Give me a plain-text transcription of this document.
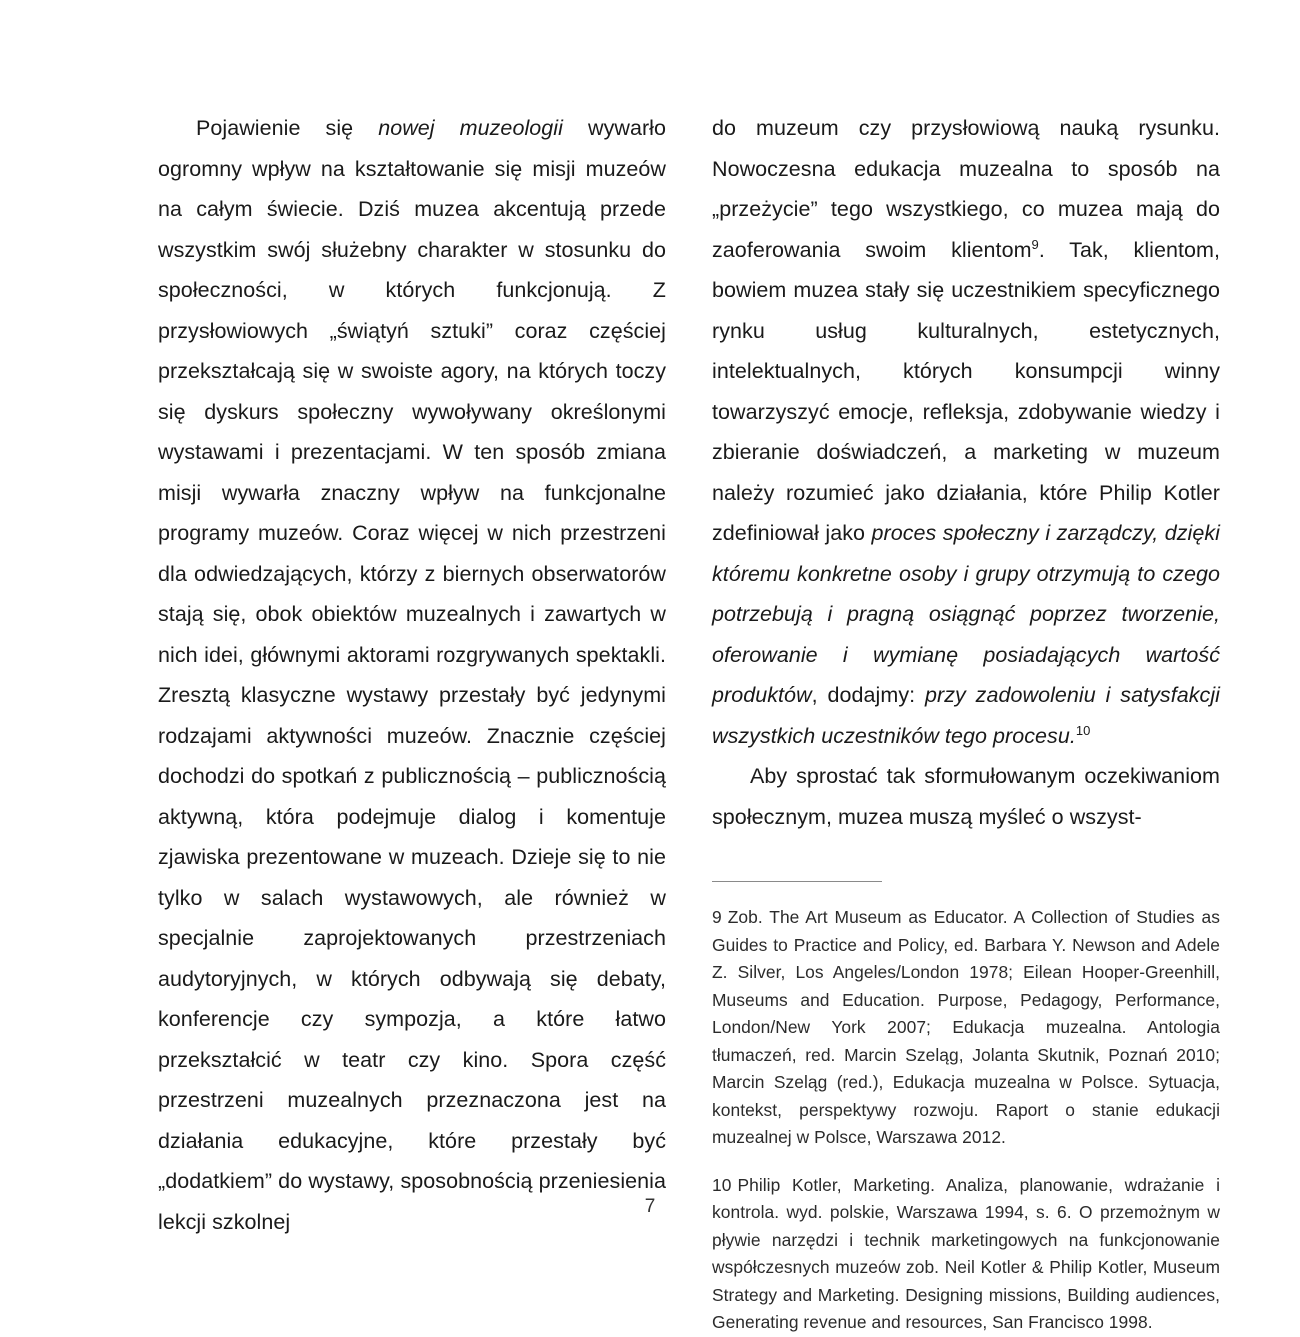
Pojawienie się nowej muzeologii wywarło ogromny wpływ na kształtowanie się misji muzeów na całym świecie. Dziś muzea akcentują przede wszystkim swój służebny charakter w stosunku do społeczności, w których funkcjonują. Z przysłowiowych „świątyń sztuki” coraz częściej przekształcają się w swoiste agory, na których toczy się dyskurs społeczny wywoływany określonymi wystawami i prezentacjami. W ten sposób zmiana misji wywarła znaczny wpływ na funkcjonalne programy muzeów. Coraz więcej w nich przestrzeni dla odwiedzających, którzy z biernych obserwatorów stają się, obok obiektów muzealnych i zawartych w nich idei, głównymi aktorami rozgrywanych spektakli. Zresztą klasyczne wystawy przestały być jedynymi rodzajami aktywności muzeów. Znacznie częściej dochodzi do spotkań z publicznością – publicznością aktywną, która podejmuje dialog i komentuje zjawiska prezentowane w muzeach. Dzieje się to nie tylko w salach wystawowych, ale również w specjalnie zaprojektowanych przestrzeniach audytoryjnych, w których odbywają się debaty, konferencje czy sympozja, a które łatwo przekształcić w teatr czy kino. Spora część przestrzeni muzealnych przeznaczona jest na działania edukacyjne, które przestały być „dodatkiem” do wystawy, sposobnością przeniesienia lekcji szkolnej

do muzeum czy przysłowiową nauką rysunku. Nowoczesna edukacja muzealna to sposób na „przeżycie” tego wszystkiego, co muzea mają do zaoferowania swoim klientom$^9$. Tak, klientom, bowiem muzea stały się uczestnikiem specyficznego rynku usług kulturalnych, estetycznych, intelektualnych, których konsumpcji winny towarzyszyć emocje, refleksja, zdobywanie wiedzy i zbieranie doświadczeń, a marketing w muzeum należy rozumieć jako działania, które Philip Kotler zdefiniował jako proces społeczny i zarządczy, dzięki któremu konkretne osoby i grupy otrzymują to czego potrzebują i pragną osiągnąć poprzez tworzenie, oferowanie i wymianę posiadających wartość produktów, dodajmy: przy zadowoleniu i satysfakcji wszystkich uczestników tego procesu.$^{10}$

Aby sprostać tak sformułowanym oczekiwaniom społecznym, muzea muszą myśleć o wszyst-

9 Zob. The Art Museum as Educator. A Collection of Studies as Guides to Practice and Policy, ed. Barbara Y. Newson and Adele Z. Silver, Los Angeles/London 1978; Eilean Hooper-Greenhill, Museums and Education. Purpose, Pedagogy, Performance, London/New York 2007; Edukacja muzealna. Antologia tłumaczeń, red. Marcin Szeląg, Jolanta Skutnik, Poznań 2010; Marcin Szeląg (red.), Edukacja muzealna w Polsce. Sytuacja, kontekst, perspektywy rozwoju. Raport o stanie edukacji muzealnej w Polsce, Warszawa 2012.

10 Philip Kotler, Marketing. Analiza, planowanie, wdrażanie i kontrola. wyd. polskie, Warszawa 1994, s. 6. O przemożnym w pływie narzędzi i technik marketingowych na funkcjonowanie współczesnych muzeów zob. Neil Kotler & Philip Kotler, Museum Strategy and Marketing. Designing missions, Building audiences, Generating revenue and resources, San Francisco 1998.

7
